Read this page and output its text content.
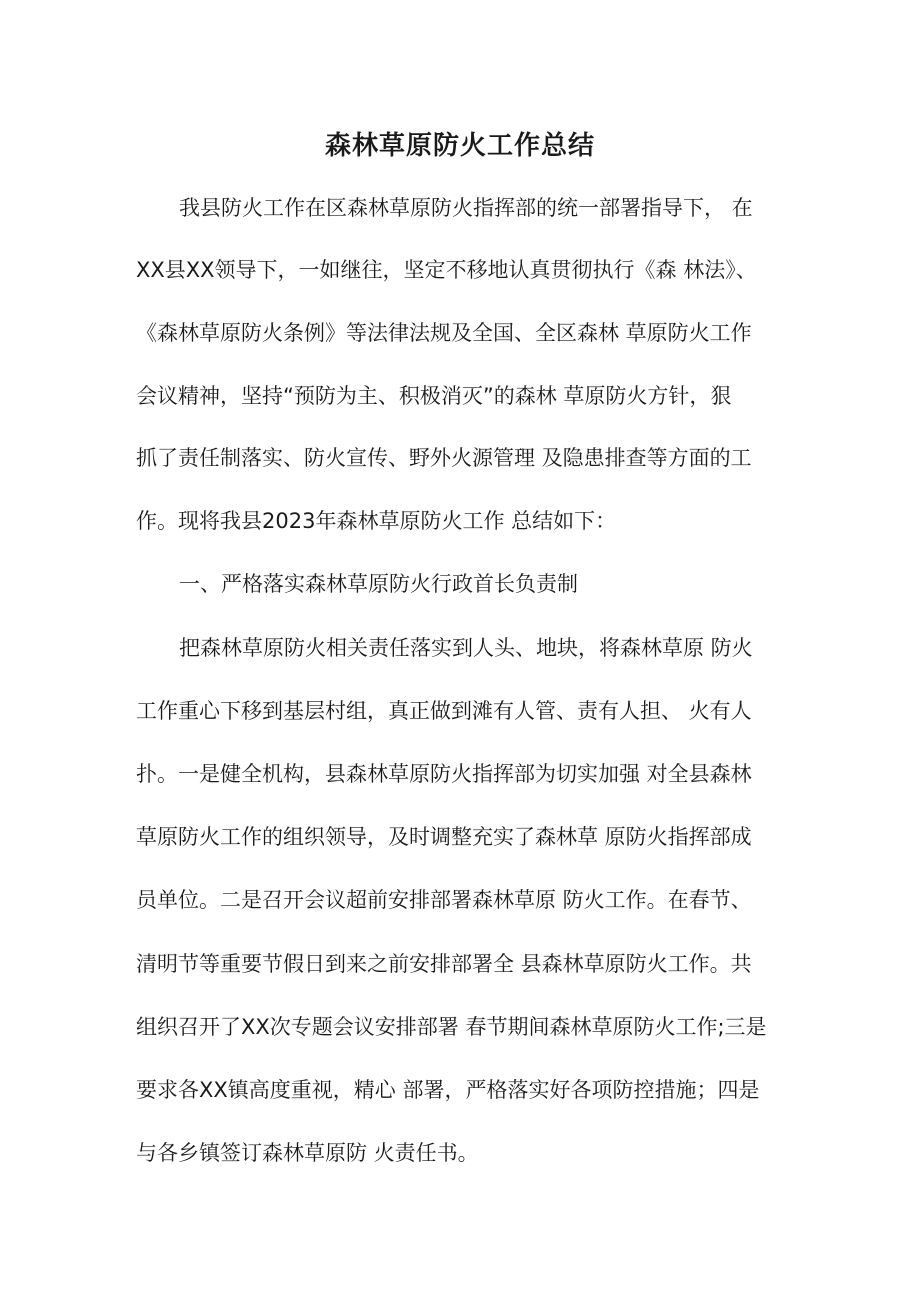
森林草原防火工作总结
我县防火工作在区森林草原防火指挥部的统一部署指导下， 在
XX县XX领导下，一如继往，坚定不移地认真贯彻执行《森 林法》、
《森林草原防火条例》等法律法规及全国、全区森林 草原防火工作
会议精神，坚持“预防为主、积极消灭”的森林 草原防火方针，狠
抓了责任制落实、防火宣传、野外火源管理 及隐患排查等方面的工
作。现将我县2023年森林草原防火工作 总结如下：
一、严格落实森林草原防火行政首长负责制
把森林草原防火相关责任落实到人头、地块，将森林草原 防火
工作重心下移到基层村组，真正做到滩有人管、责有人担、 火有人
扑。一是健全机构，县森林草原防火指挥部为切实加强 对全县森林
草原防火工作的组织领导，及时调整充实了森林草 原防火指挥部成
员单位。二是召开会议超前安排部署森林草原 防火工作。在春节、
清明节等重要节假日到来之前安排部署全 县森林草原防火工作。共
组织召开了XX次专题会议安排部署 春节期间森林草原防火工作;三是
要求各XX镇高度重视，精心 部署，严格落实好各项防控措施；四是
与各乡镇签订森林草原防 火责任书。
